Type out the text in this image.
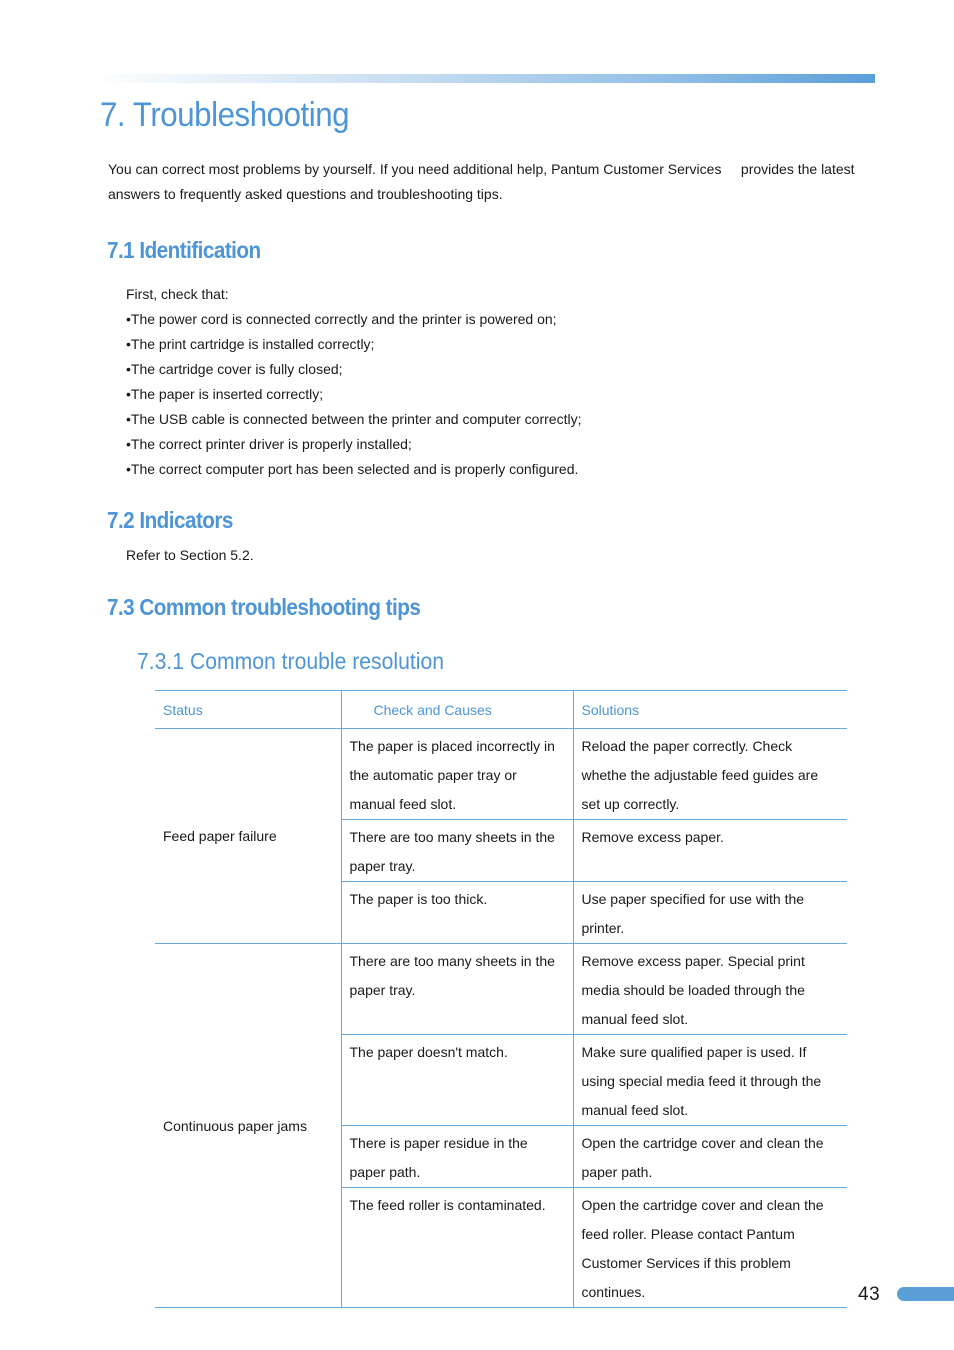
7. Troubleshooting

You can correct most problems by yourself. If you need additional help, Pantum Customer Services     provides the latest

answers to frequently asked questions and troubleshooting tips.

7.1 Identification
First, check that:
•The power cord is connected correctly and the printer is powered on;
•The print cartridge is installed correctly;
•The cartridge cover is fully closed;
•The paper is inserted correctly;
•The USB cable is connected between the printer and computer correctly;
•The correct printer driver is properly installed;
•The correct computer port has been selected and is properly configured.
7.2 Indicators

Refer to Section 5.2.

7.3 Common troubleshooting tips
7.3.1 Common trouble resolution
Status	Check and Causes	Solutions
Feed paper failure	The paper is placed incorrectly in the automatic paper tray or manual feed slot.	Reload the paper correctly. Check whethe the adjustable feed guides are set up correctly.
	There are too many sheets in the paper tray.	Remove excess paper.
	The paper is too thick.	Use paper specified for use with the printer.
Continuous paper jams	There are too many sheets in the paper tray.	Remove excess paper. Special print media should be loaded through the manual feed slot.
	The paper doesn't match.	Make sure qualified paper is used. If using special media feed it through the manual feed slot.
	There is paper residue in the paper path.	Open the cartridge cover and clean the paper path.
	The feed roller is contaminated.	Open the cartridge cover and clean the feed roller. Please contact Pantum Customer Services if this problem continues.	43
